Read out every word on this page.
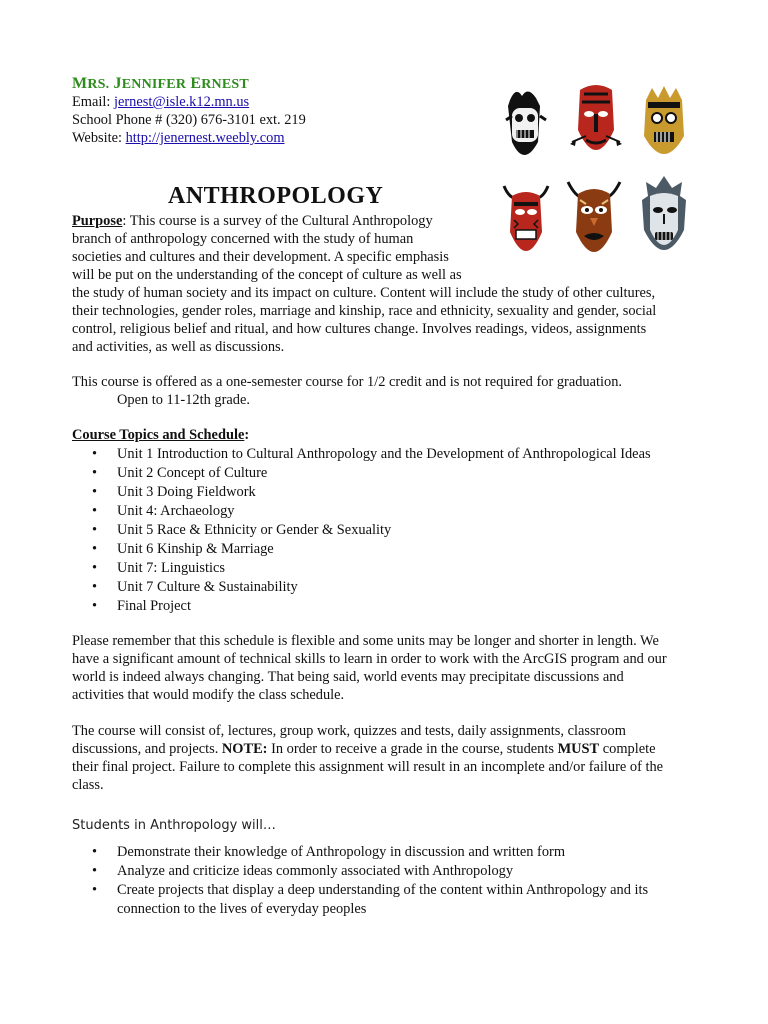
MRS. JENNIFER ERNEST
Email: jernest@isle.k12.mn.us
School Phone # (320) 676-3101 ext. 219
Website: http://jenernest.weebly.com
ANTHROPOLOGY
Purpose: This course is a survey of the Cultural Anthropology
branch of anthropology concerned with the study of human
societies and cultures and their development. A specific emphasis
will be put on the understanding of the concept of culture as well as
the study of human society and its impact on culture. Content will include the study of other cultures,
their technologies, gender roles, marriage and kinship, race and ethnicity, sexuality and gender, social
control, religious belief and ritual, and how cultures change. Involves readings, videos, assignments
and activities, as well as discussions.
This course is offered as a one-semester course for 1/2 credit and is not required for graduation.
Open to 11-12th grade.
Course Topics and Schedule:
• Unit 1 Introduction to Cultural Anthropology and the Development of Anthropological Ideas
• Unit 2 Concept of Culture
• Unit 3 Doing Fieldwork
• Unit 4: Archaeology
• Unit 5 Race & Ethnicity or Gender & Sexuality
• Unit 6 Kinship & Marriage
• Unit 7: Linguistics
• Unit 7 Culture & Sustainability
• Final Project
Please remember that this schedule is flexible and some units may be longer and shorter in length. We
have a significant amount of technical skills to learn in order to work with the ArcGIS program and our
world is indeed always changing. That being said, world events may precipitate discussions and
activities that would modify the class schedule.
The course will consist of, lectures, group work, quizzes and tests, daily assignments, classroom
discussions, and projects. NOTE: In order to receive a grade in the course, students MUST complete
their final project. Failure to complete this assignment will result in an incomplete and/or failure of the
class.
Students in Anthropology will…
• Demonstrate their knowledge of Anthropology in discussion and written form
• Analyze and criticize ideas commonly associated with Anthropology
• Create projects that display a deep understanding of the content within Anthropology and its
connection to the lives of everyday peoples
